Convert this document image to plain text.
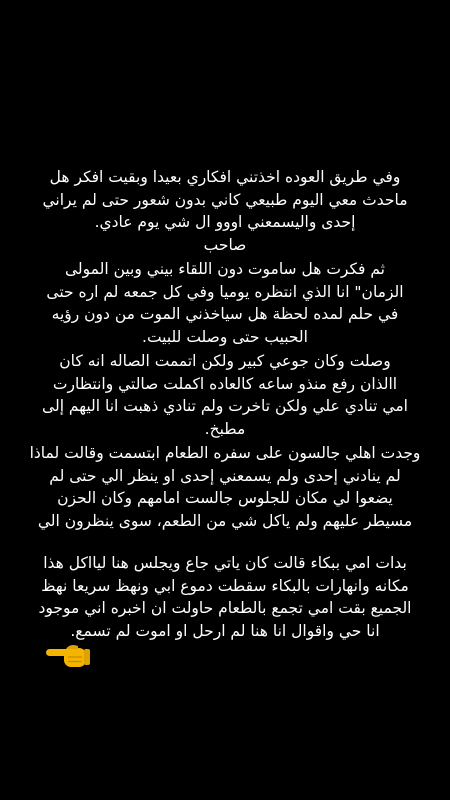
وفي طريق العوده اخذتني افكاري بعيدا وبقيت افكر هل
ماحدث معي اليوم طبيعي كاني بدون شعور حتى لم يراني
إحدى واليسمعني اووو ال شي يوم عادي.
صاحب

ثم فكرت هل ساموت دون اللقاء بيني وبين المولى
الزمان" انا الذي انتظره يوميا وفي كل جمعه لم اره حتى
في حلم لمده لحظة هل سياخذني الموت من دون رؤيه
الحبيب حتى وصلت للبيت.

وصلت وكان جوعي كبير ولكن اتممت الصاله انه كان
االذان رفع منذو ساعه كالعاده اكملت صالتي وانتظارت
امي تنادي علي ولكن تاخرت ولم تنادي ذهبت انا اليهم إلى
مطبخ.

وجدت اهلي جالسون على سفره الطعام ابتسمت وقالت لماذا
لم ينادني إحدى ولم يسمعني إحدى او ينظر الي حتى لم
يضعوا لي مكان للجلوس جالست امامهم وكان الحزن
مسيطر عليهم ولم ياكل شي من الطعم، سوى ينظرون الي

بدات امي ببكاء قالت كان ياتي جاع ويجلس هنا ليااكل هذا
مكانه وانهارات بالبكاء سقطت دموع ابي ونهظ سريعا نهظ
الجميع بقت امي تجمع بالطعام حاولت ان اخبره اني موجود
انا حي واقوال انا هنا لم ارحل او اموت لم تسمع.
